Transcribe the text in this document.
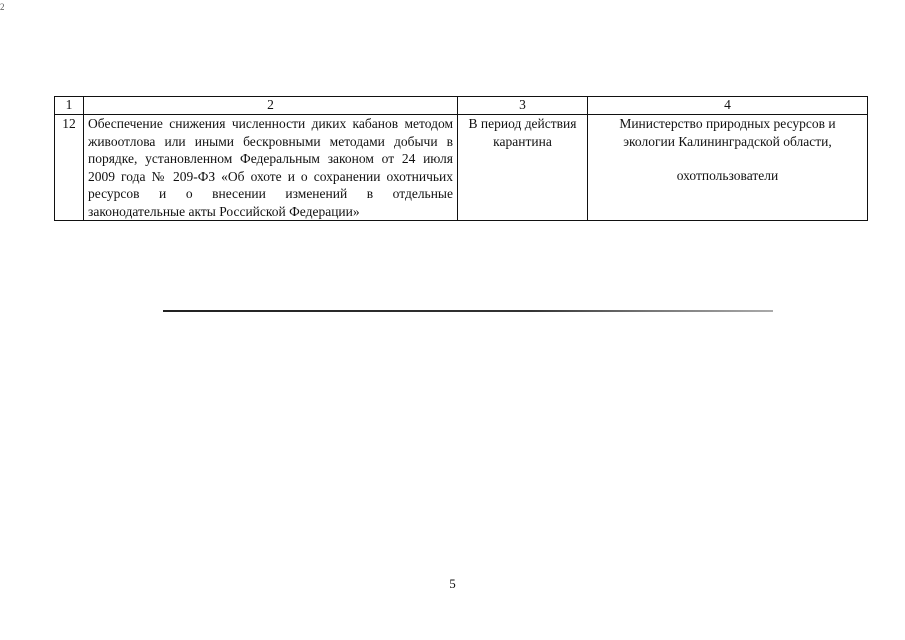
2
1	2	3	4
12	Обеспечение снижения численности диких кабанов методом живоотлова или иными бескровными методами добычи в порядке, установленном Федеральным законом от 24 июля 2009 года № 209-ФЗ «Об охоте и о сохранении охотничьих ресурсов и о внесении изменений в отдельные законодательные акты Российской Федерации»	В период действия карантина	Министерство природных ресурсов и экологии Калининградской области,
охотпользователи
5
